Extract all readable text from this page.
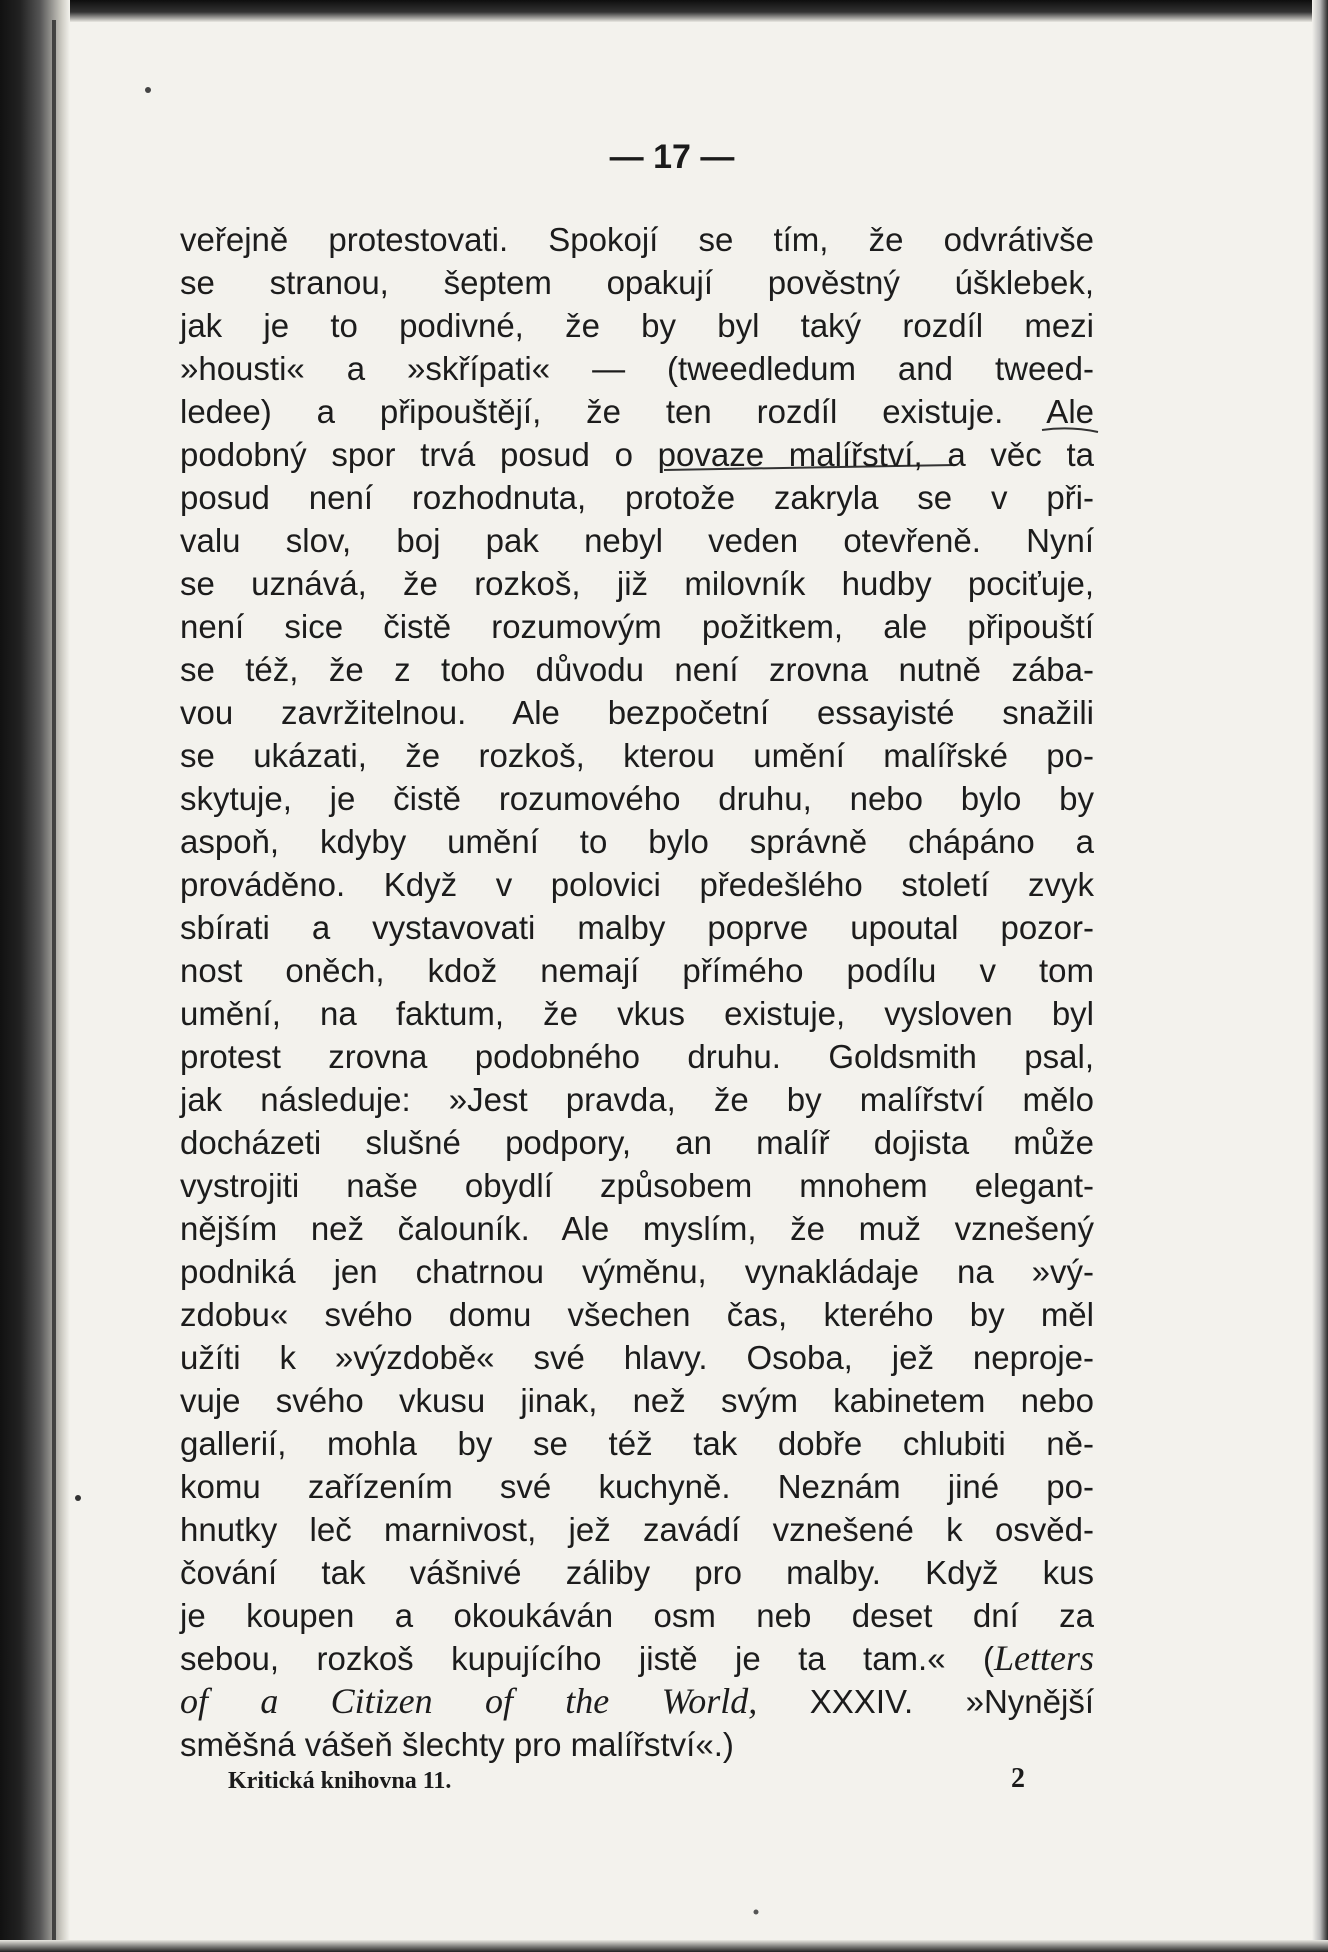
— 17 —
veřejně protestovati. Spokojí se tím, že odvrátivše
se stranou, šeptem opakují pověstný úšklebek,
jak je to podivné, že by byl taký rozdíl mezi
»housti« a »skřípati« — (tweedledum and tweed-
ledee) a připouštějí, že ten rozdíl existuje. Ale
podobný spor trvá posud o povaze malířství, a věc ta
posud není rozhodnuta, protože zakryla se v při-
valu slov, boj pak nebyl veden otevřeně. Nyní
se uznává, že rozkoš, již milovník hudby pociťuje,
není sice čistě rozumovým požitkem, ale připouští
se též, že z toho důvodu není zrovna nutně zába-
vou zavržitelnou. Ale bezpočetní essayisté snažili
se ukázati, že rozkoš, kterou umění malířské po-
skytuje, je čistě rozumového druhu, nebo bylo by
aspoň, kdyby umění to bylo správně chápáno a
prováděno. Když v polovici předešlého století zvyk
sbírati a vystavovati malby poprve upoutal pozor-
nost oněch, kdož nemají přímého podílu v tom
umění, na faktum, že vkus existuje, vysloven byl
protest zrovna podobného druhu. Goldsmith psal,
jak následuje: »Jest pravda, že by malířství mělo
docházeti slušné podpory, an malíř dojista může
vystrojiti naše obydlí způsobem mnohem elegant-
nějším než čalouník. Ale myslím, že muž vznešený
podniká jen chatrnou výměnu, vynakládaje na »vý-
zdobu« svého domu všechen čas, kterého by měl
užíti k »výzdobě« své hlavy. Osoba, jež neproje-
vuje svého vkusu jinak, než svým kabinetem nebo
gallerií, mohla by se též tak dobře chlubiti ně-
komu zařízením své kuchyně. Neznám jiné po-
hnutky leč marnivost, jež zavádí vznešené k osvěd-
čování tak vášnivé záliby pro malby. Když kus
je koupen a okoukáván osm neb deset dní za
sebou, rozkoš kupujícího jistě je ta tam.« (Letters
of a Citizen of the World, XXXIV. »Nynější
směšná vášeň šlechty pro malířství«.)
Kritická knihovna 11.	2
